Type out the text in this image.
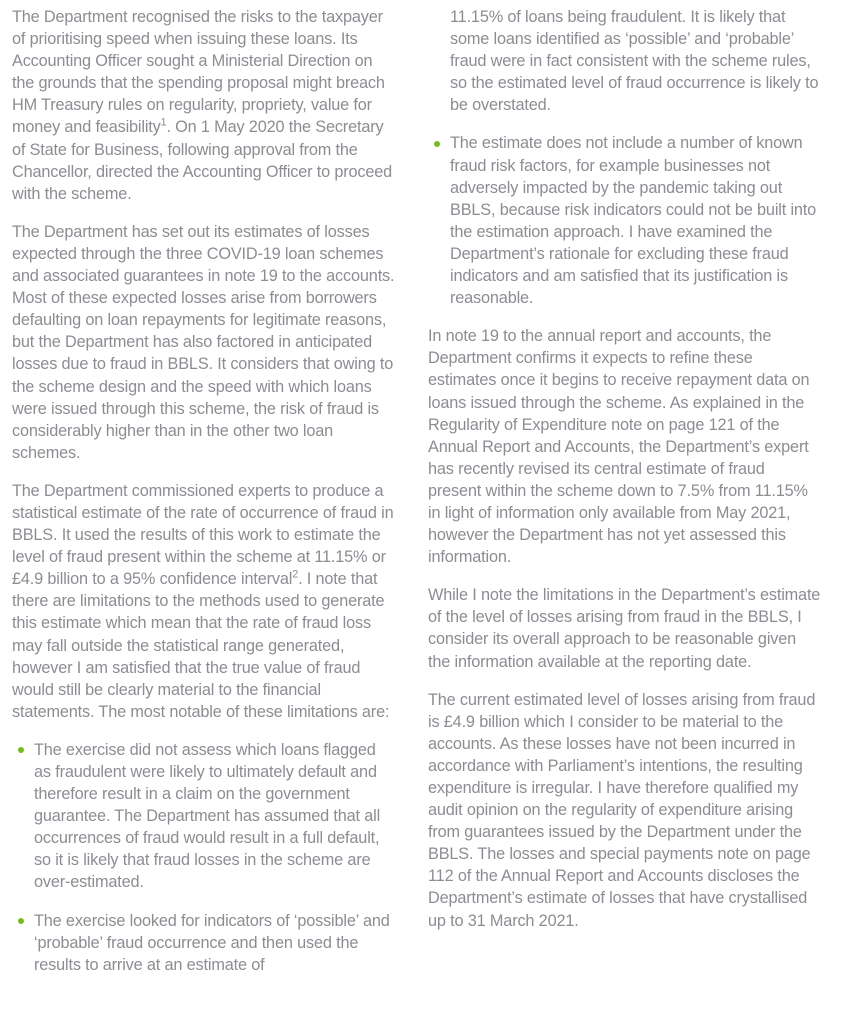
The Department recognised the risks to the taxpayer of prioritising speed when issuing these loans. Its Accounting Officer sought a Ministerial Direction on the grounds that the spending proposal might breach HM Treasury rules on regularity, propriety, value for money and feasibility$^1$. On 1 May 2020 the Secretary of State for Business, following approval from the Chancellor, directed the Accounting Officer to proceed with the scheme.

The Department has set out its estimates of losses expected through the three COVID-19 loan schemes and associated guarantees in note 19 to the accounts. Most of these expected losses arise from borrowers defaulting on loan repayments for legitimate reasons, but the Department has also factored in anticipated losses due to fraud in BBLS. It considers that owing to the scheme design and the speed with which loans were issued through this scheme, the risk of fraud is considerably higher than in the other two loan schemes.

The Department commissioned experts to produce a statistical estimate of the rate of occurrence of fraud in BBLS. It used the results of this work to estimate the level of fraud present within the scheme at 11.15% or £4.9 billion to a 95% confidence interval$^2$. I note that there are limitations to the methods used to generate this estimate which mean that the rate of fraud loss may fall outside the statistical range generated, however I am satisfied that the true value of fraud would still be clearly material to the financial statements. The most notable of these limitations are:

The exercise did not assess which loans flagged as fraudulent were likely to ultimately default and therefore result in a claim on the government guarantee. The Department has assumed that all occurrences of fraud would result in a full default, so it is likely that fraud losses in the scheme are over-estimated.
The exercise looked for indicators of ‘possible’ and ‘probable’ fraud occurrence and then used the results to arrive at an estimate of

11.15% of loans being fraudulent. It is likely that some loans identified as ‘possible’ and ‘probable’ fraud were in fact consistent with the scheme rules, so the estimated level of fraud occurrence is likely to be overstated.

The estimate does not include a number of known fraud risk factors, for example businesses not adversely impacted by the pandemic taking out BBLS, because risk indicators could not be built into the estimation approach. I have examined the Department’s rationale for excluding these fraud indicators and am satisfied that its justification is reasonable.

In note 19 to the annual report and accounts, the Department confirms it expects to refine these estimates once it begins to receive repayment data on loans issued through the scheme. As explained in the Regularity of Expenditure note on page 121 of the Annual Report and Accounts, the Department’s expert has recently revised its central estimate of fraud present within the scheme down to 7.5% from 11.15% in light of information only available from May 2021, however the Department has not yet assessed this information.

While I note the limitations in the Department’s estimate of the level of losses arising from fraud in the BBLS, I consider its overall approach to be reasonable given the information available at the reporting date.

The current estimated level of losses arising from fraud is £4.9 billion which I consider to be material to the accounts. As these losses have not been incurred in accordance with Parliament’s intentions, the resulting expenditure is irregular. I have therefore qualified my audit opinion on the regularity of expenditure arising from guarantees issued by the Department under the BBLS. The losses and special payments note on page 112 of the Annual Report and Accounts discloses the Department’s estimate of losses that have crystallised up to 31 March 2021.
